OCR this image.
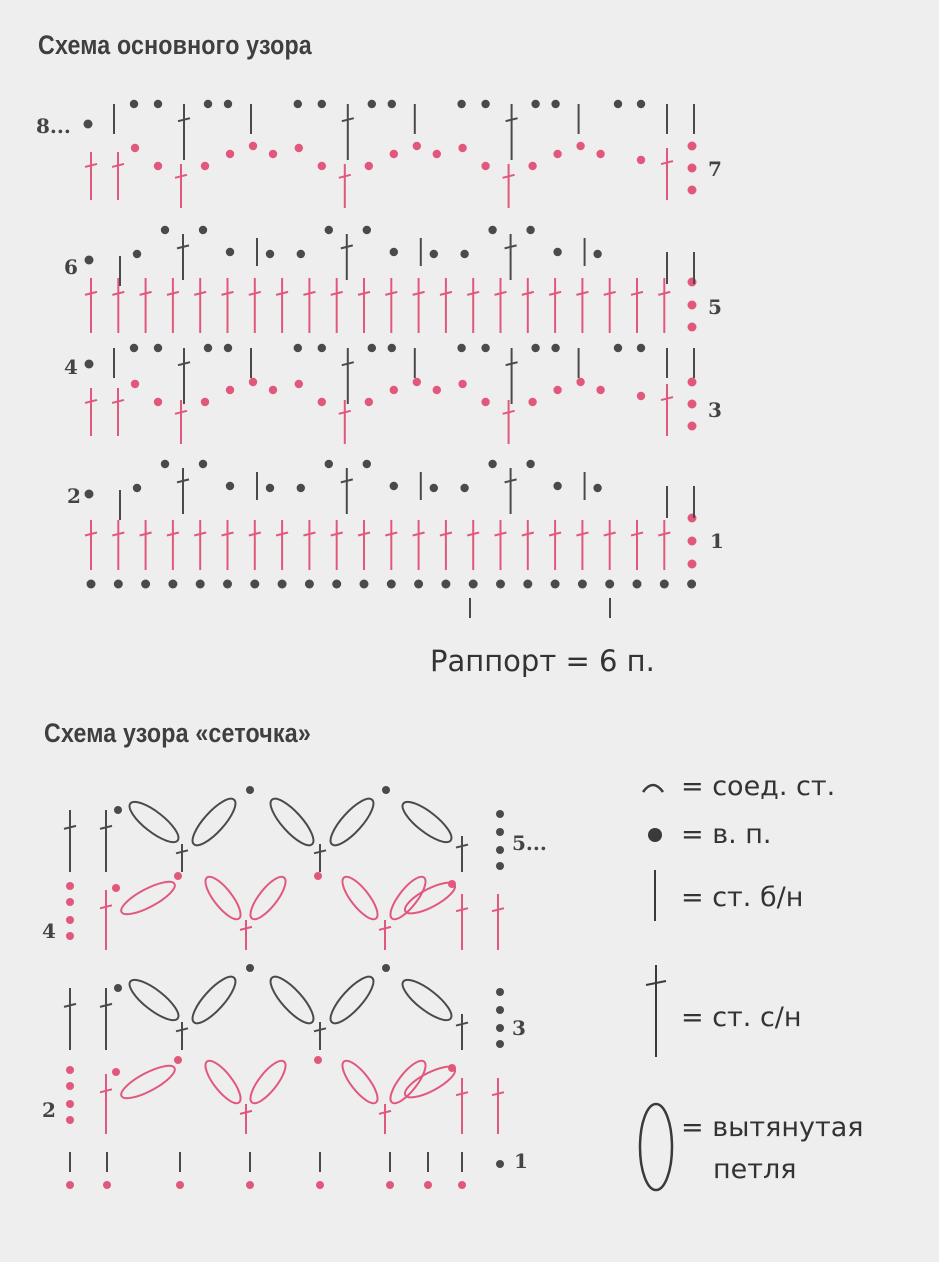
Схема основного узора
Схема узора «сеточка»
8...
7
6
5
4
3
2
1
Раппорт = 6 п.
5...
4
3
2
1
= соед. ст.
= в. п.
= ст. б/н
= ст. с/н
= вытянутая
петля
